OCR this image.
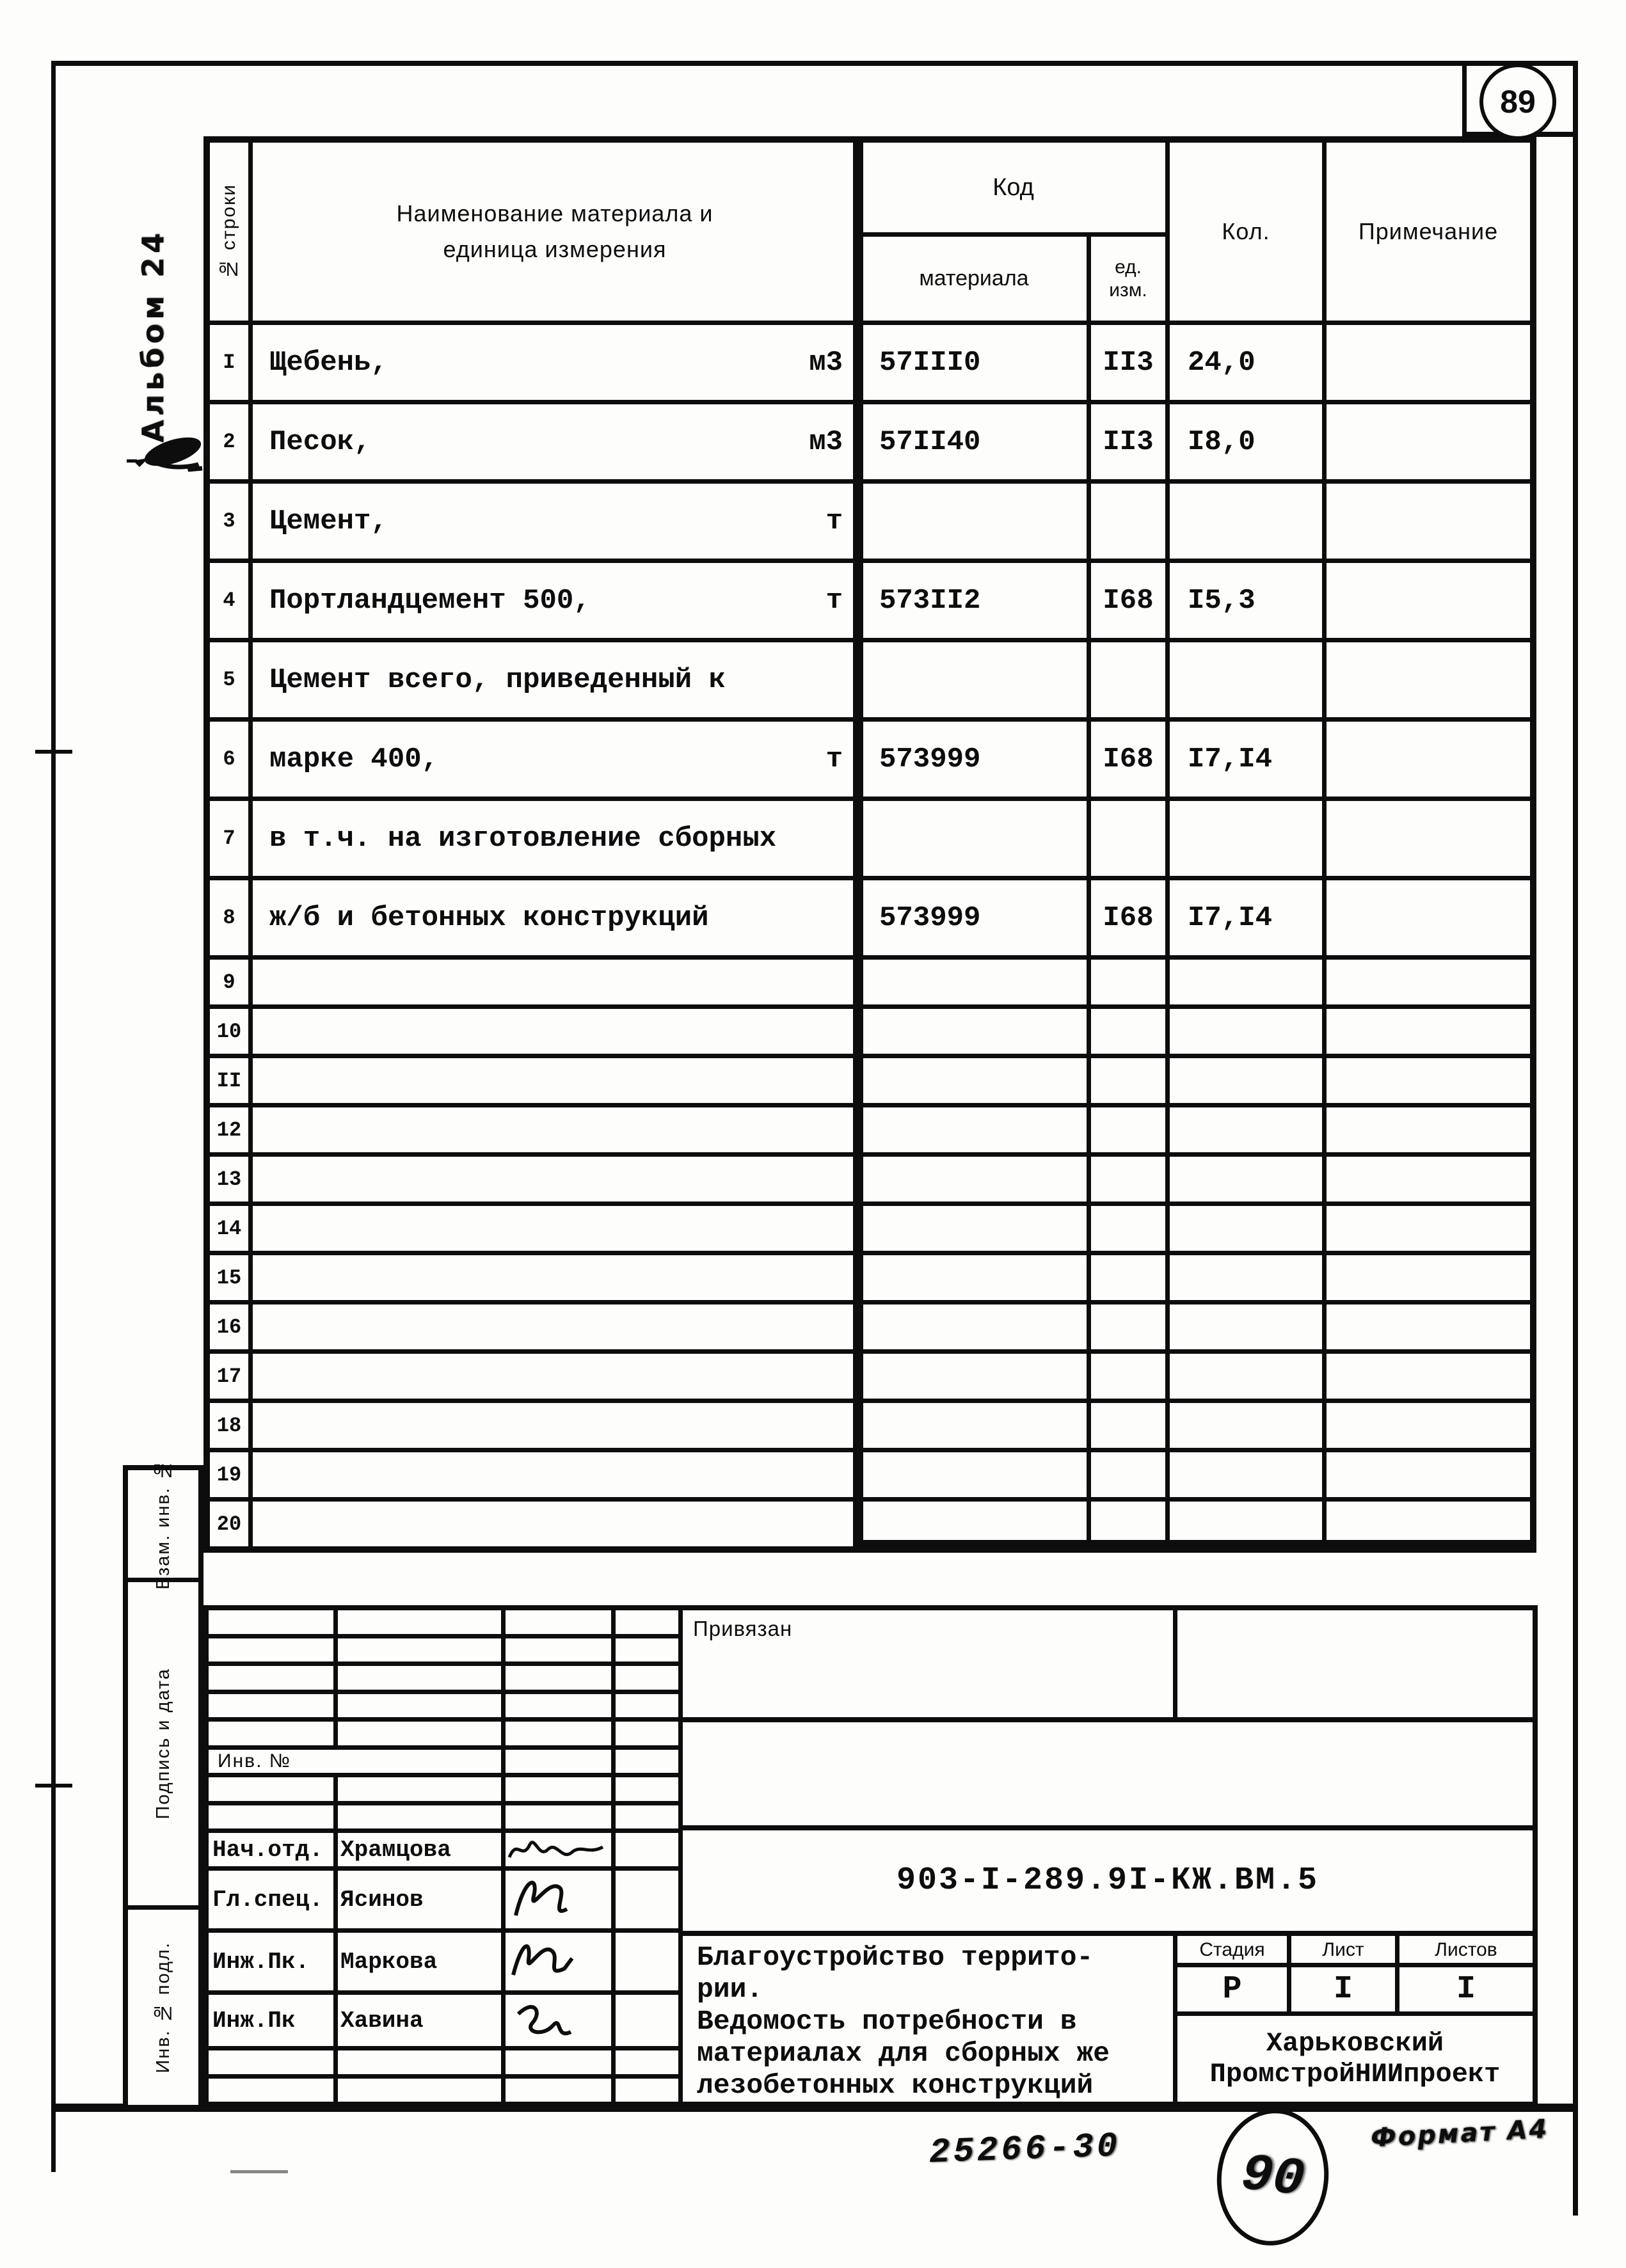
89
Альбом 24	№ строки	Наименование материала и
единица измерения
Код
материала	ед.
изм.
Кол.	Примечание
I	Щебень,	м3	57III0	II3	24,0
2	Песок,	м3	57II40	II3	I8,0
3	Цемент,	т
4	Портландцемент 500,	т	573II2	I68	I5,3
5	Цемент всего, приведенный к
6	марке 400,	т	573999	I68	I7,I4
7	в т.ч. на изготовление сборных
8	ж/б и бетонных конструкций	573999	I68	I7,I4
9
10
II
12
13
14
15
16
17
18
19
20
Взам. инв. №
Подпись и дата
Инв. № подл.
Инв. №
Нач.отд. Храмцова
Гл.спец. Ясинов
Инж.Пк.	Маркова
Инж.Пк	Хавина
Привязан
903-I-289.9I-КЖ.ВМ.5
Благоустройство террито-
рии.
Ведомость потребности в
материалах для сборных же
лезобетонных конструкций
Стадия	Лист	Листов
Р	I	I
Харьковский
ПромстройНИИпроект
25266-30 90
Формат А4
